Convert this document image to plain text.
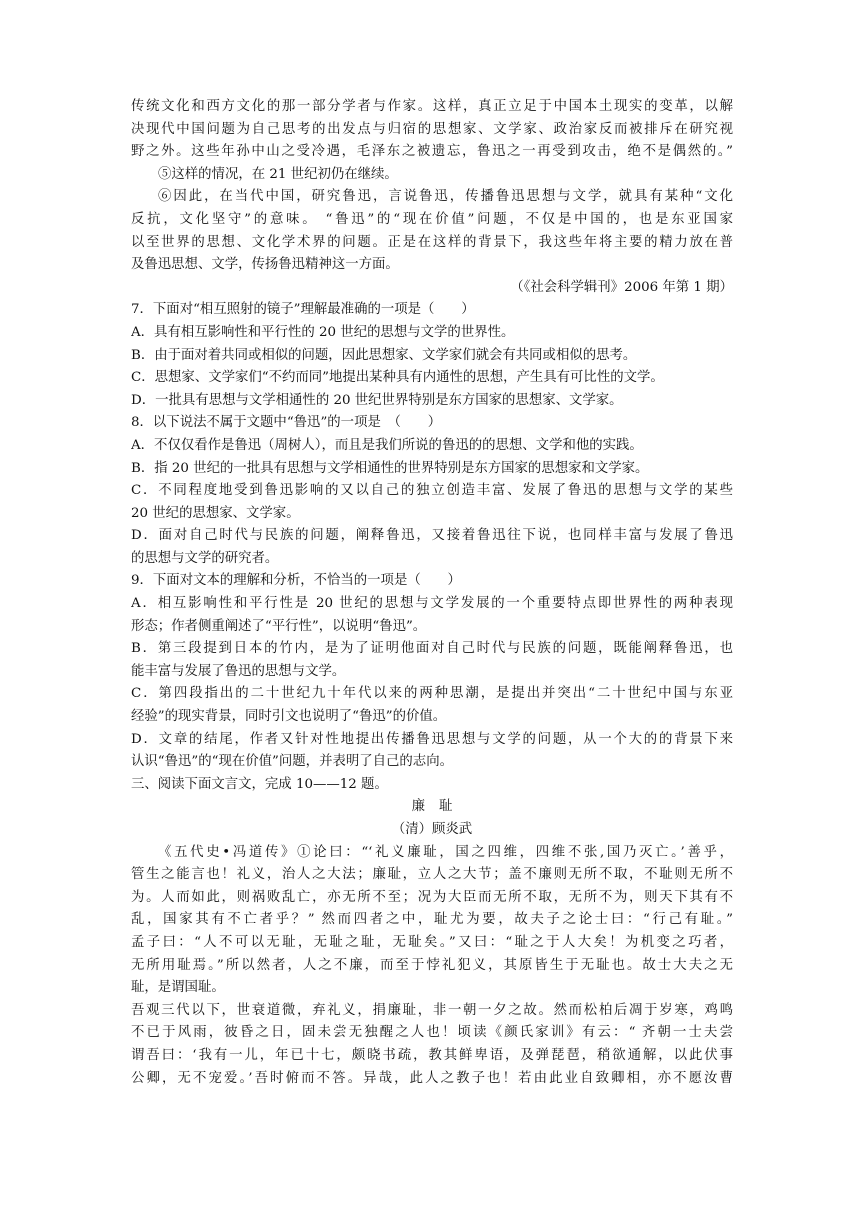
传统文化和西方文化的那一部分学者与作家。这样，真正立足于中国本土现实的变革，以解
决现代中国问题为自己思考的出发点与归宿的思想家、文学家、政治家反而被排斥在研究视
野之外。这些年孙中山之受冷遇，毛泽东之被遗忘，鲁迅之一再受到攻击，绝不是偶然的。”
⑤这样的情况，在 21 世纪初仍在继续。
⑥因此，在当代中国，研究鲁迅，言说鲁迅，传播鲁迅思想与文学，就具有某种“文化
反抗，文化坚守”的意味。 “鲁迅”的“现在价值”问题，不仅是中国的，也是东亚国家
以至世界的思想、文化学术界的问题。正是在这样的背景下，我这些年将主要的精力放在普
及鲁迅思想、文学，传扬鲁迅精神这一方面。
（《社会科学辑刊》2006 年第 1 期）
7．下面对“相互照射的镜子”理解最准确的一项是（　　）
A．具有相互影响性和平行性的 20 世纪的思想与文学的世界性。
B．由于面对着共同或相似的问题，因此思想家、文学家们就会有共同或相似的思考。
C．思想家、文学家们“不约而同”地提出某种具有内通性的思想，产生具有可比性的文学。
D．一批具有思想与文学相通性的 20 世纪世界特别是东方国家的思想家、文学家。
8．以下说法不属于文题中“鲁迅”的一项是　（　　）
A．不仅仅看作是鲁迅（周树人），而且是我们所说的鲁迅的的思想、文学和他的实践。
B．指 20 世纪的一批具有思想与文学相通性的世界特别是东方国家的思想家和文学家。
C．不同程度地受到鲁迅影响的又以自己的独立创造丰富、发展了鲁迅的思想与文学的某些
20 世纪的思想家、文学家。
D．面对自己时代与民族的问题，阐释鲁迅，又接着鲁迅往下说，也同样丰富与发展了鲁迅
的思想与文学的研究者。
9．下面对文本的理解和分析，不恰当的一项是（　　）
A．相互影响性和平行性是 20 世纪的思想与文学发展的一个重要特点即世界性的两种表现
形态；作者侧重阐述了“平行性”，以说明“鲁迅”。
B．第三段提到日本的竹内，是为了证明他面对自己时代与民族的问题，既能阐释鲁迅，也
能丰富与发展了鲁迅的思想与文学。
C．第四段指出的二十世纪九十年代以来的两种思潮，是提出并突出“二十世纪中国与东亚
经验”的现实背景，同时引文也说明了“鲁迅”的价值。
D．文章的结尾，作者又针对性地提出传播鲁迅思想与文学的问题，从一个大的的背景下来
认识“鲁迅”的“现在价值”问题，并表明了自己的志向。
三、阅读下面文言文，完成 10——12 题。
廉耻
（清）顾炎武
《五代史•冯道传》①论曰：“‘礼义廉耻，国之四维，四维不张,国乃灭亡。’善乎，
管生之能言也！礼义，治人之大法；廉耻，立人之大节；盖不廉则无所不取，不耻则无所不
为。人而如此，则祸败乱亡，亦无所不至；况为大臣而无所不取，无所不为，则天下其有不
乱，国家其有不亡者乎？” 然而四者之中，耻尤为要，故夫子之论士曰：“行己有耻。”
孟子曰：“人不可以无耻，无耻之耻，无耻矣。”又曰：“耻之于人大矣！为机变之巧者，
无所用耻焉。”所以然者，人之不廉，而至于悖礼犯义，其原皆生于无耻也。故士大夫之无
耻，是谓国耻。
吾观三代以下，世衰道微，弃礼义，捐廉耻，非一朝一夕之故。然而松柏后凋于岁寒，鸡鸣
不已于风雨，彼昏之日，固未尝无独醒之人也！顷读《颜氏家训》有云：“ 齐朝一士夫尝
谓吾曰：‘我有一儿，年已十七，颇晓书疏，教其鲜卑语，及弹琵琶，稍欲通解，以此伏事
公卿，无不宠爱。’吾时俯而不答。异哉，此人之教子也！若由此业自致卿相，亦不愿汝曹
